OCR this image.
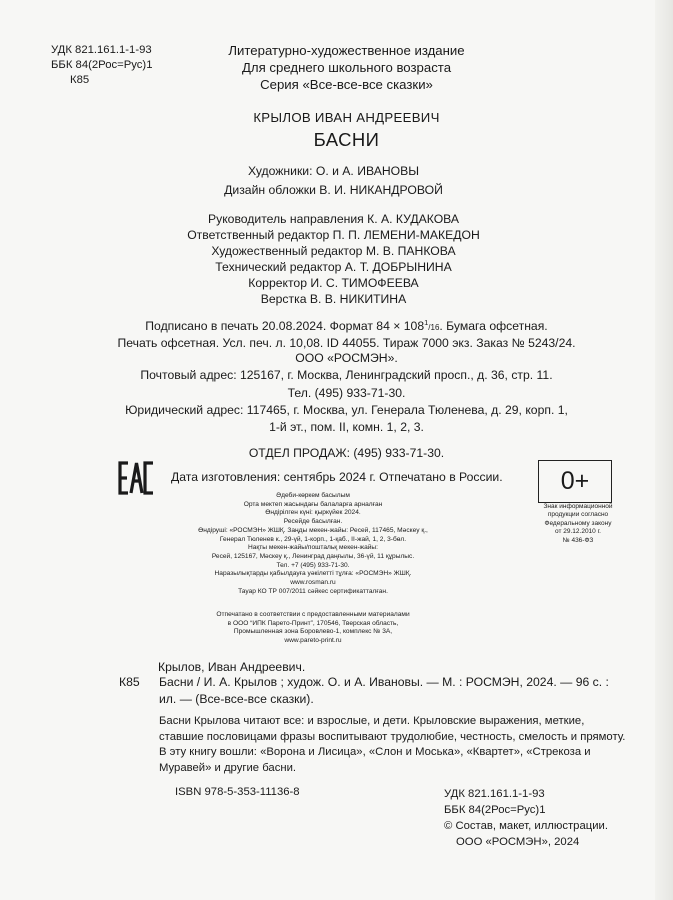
УДК 821.161.1-1-93
ББК 84(2Рос=Рус)1
К85
Литературно-художественное издание
Для среднего школьного возраста
Серия «Все-все-все сказки»
КРЫЛОВ ИВАН АНДРЕЕВИЧ
БАСНИ
Художники: О. и А. ИВАНОВЫ
Дизайн обложки В. И. НИКАНДРОВОЙ
Руководитель направления К. А. КУДАКОВА
Ответственный редактор П. П. ЛЕМЕНИ-МАКЕДОН
Художественный редактор М. В. ПАНКОВА
Технический редактор А. Т. ДОБРЫНИНА
Корректор И. С. ТИМОФЕЕВА
Верстка В. В. НИКИТИНА
Подписано в печать 20.08.2024. Формат $84 \times 108^1/16$. Бумага офсетная.
Печать офсетная. Усл. печ. л. 10,08. ID 44055. Тираж 7000 экз. Заказ № 5243/24.
ООО «РОСМЭН».
Почтовый адрес: 125167, г. Москва, Ленинградский просп., д. 36, стр. 11.
Тел. (495) 933-71-30.
Юридический адрес: 117465, г. Москва, ул. Генерала Тюленева, д. 29, корп. 1,
1-й эт., пом. II, комн. 1, 2, 3.
ОТДЕЛ ПРОДАЖ: (495) 933-71-30.
Дата изготовления: сентябрь 2024 г. Отпечатано в России.	0+
Знак информационной
продукции согласно
Федеральному закону
от 29.12.2010 г.
№ 436-ФЗ
Әдеби-көркем басылым
Орта мектеп жасындағы балаларға арналған
Өндірілген күні: қыркүйек 2024.
Ресейде басылған.
Өндіруші: «РОСМЭН» ЖШҚ. Заңды мекен-жайы: Ресей, 117465, Мәскеу қ.,
Генерал Тюленев к., 29-үй, 1-корп., 1-қаб., II-жай, 1, 2, 3-бөл.
Нақты мекен-жайы/поштальқ мекен-жайы:
Ресей, 125167, Мәскеу қ., Ленинград даңғылы, 36-үй, 11 құрылыс.
Тел. +7 (495) 933-71-30.
Наразылықтарды қабылдауға уәкілетті тұлға: «РОСМЭН» ЖШҚ.
www.rosman.ru
Тауар КО ТР 007/2011 сәйкес сертификатталған.
Отпечатано в соответствии с предоставленными материалами
в ООО “ИПК Парето-Принт”, 170546, Тверская область,
Промышленная зона Боровлево-1, комплекс № 3А,
www.pareto-print.ru
Крылов, Иван Андреевич.
К85 Басни / И. А. Крылов ; худож. О. и А. Ивановы. — М. : РОСМЭН, 2024. — 96 с. :
ил. — (Все-все-все сказки).
Басни Крылова читают все: и взрослые, и дети. Крыловские выражения, меткие, ставшие пословицами фразы воспитывают трудолюбие, честность, смелость и прямоту. В эту книгу вошли: «Ворона и Лисица», «Слон и Моська», «Квартет», «Стрекоза и Муравей» и другие басни.
ISBN 978-5-353-11136-8	УДК 821.161.1-1-93
ББК 84(2Рос=Рус)1
© Состав, макет, иллюстрации.
ООО «РОСМЭН», 2024
